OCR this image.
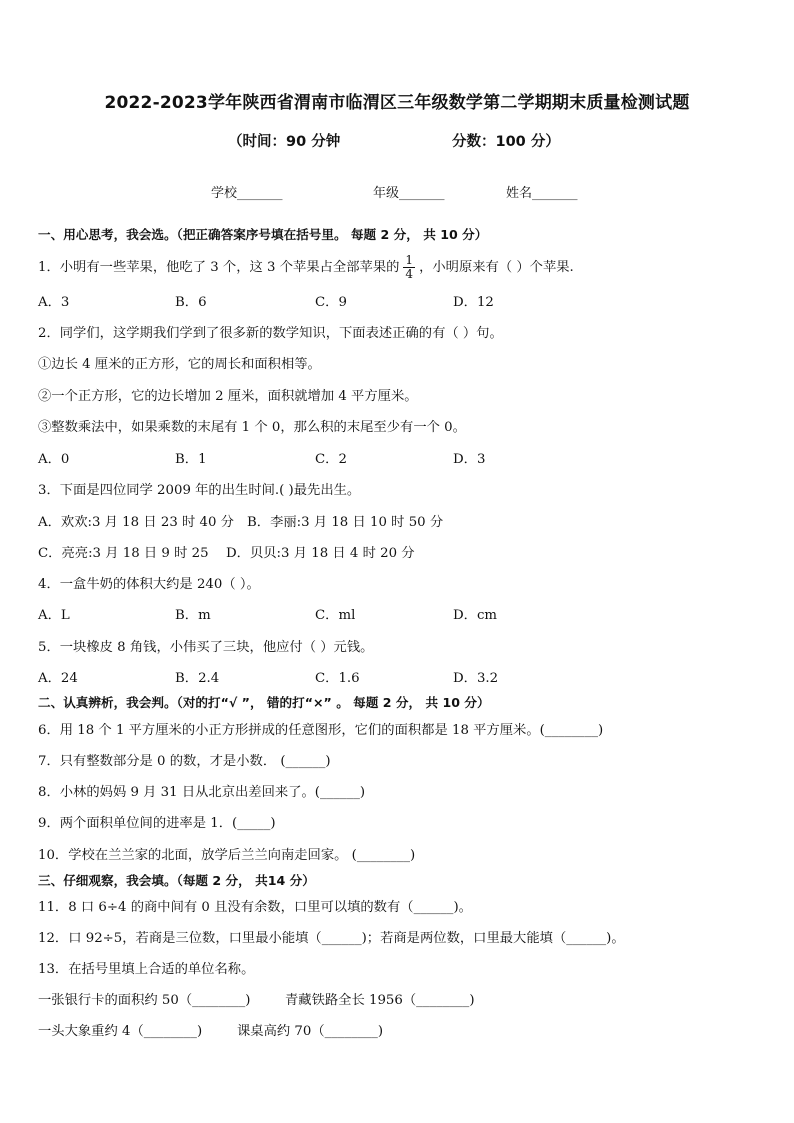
2022-2023学年陕西省渭南市临渭区三年级数学第二学期期末质量检测试题
（时间：90 分钟	分数：100 分）
学校_______	年级_______	姓名_______
一、用心思考，我会选。（把正确答案序号填在括号里。 每题 2 分， 共 10 分）
1．小明有一些苹果，他吃了 3 个，这 3 个苹果占全部苹果的 $\frac{1}{4}$ ，小明原来有（ ）个苹果.
A．3	B．6	C．9	D．12
2．同学们，这学期我们学到了很多新的数学知识，下面表述正确的有（ ）句。
①边长 4 厘米的正方形，它的周长和面积相等。
②一个正方形，它的边长增加 2 厘米，面积就增加 4 平方厘米。
③整数乘法中，如果乘数的末尾有 1 个 0，那么积的末尾至少有一个 0。
A．0	B．1	C．2	D．3
3．下面是四位同学 2009 年的出生时间.( )最先出生。
A．欢欢:3 月 18 日 23 时 40 分 B．李丽:3 月 18 日 10 时 50 分
C．亮亮:3 月 18 日 9 时 25 D．贝贝:3 月 18 日 4 时 20 分
4．一盒牛奶的体积大约是 240（ ）。
A．L	B．m	C．ml	D．cm
5．一块橡皮 8 角钱，小伟买了三块，他应付（ ）元钱。
A．24	B．2.4	C．1.6	D．3.2
二、认真辨析，我会判。（对的打“√ ”， 错的打“×” 。 每题 2 分， 共 10 分）
6．用 18 个 1 平方厘米的小正方形拼成的任意图形，它们的面积都是 18 平方厘米。(________)
7．只有整数部分是 0 的数，才是小数． (______)
8．小林的妈妈 9 月 31 日从北京出差回来了。(______)
9．两个面积单位间的进率是 1．(_____)
10．学校在兰兰家的北面，放学后兰兰向南走回家。 (________)
三、仔细观察，我会填。（每题 2 分， 共14 分）
11．8 口 6÷4 的商中间有 0 且没有余数，口里可以填的数有（______)。
12．口 92÷5，若商是三位数，口里最小能填（______)；若商是两位数，口里最大能填（______)。
13．在括号里填上合适的单位名称。
一张银行卡的面积约 50（________)	青藏铁路全长 1956（________)
一头大象重约 4（________)	课桌高约 70（________)
